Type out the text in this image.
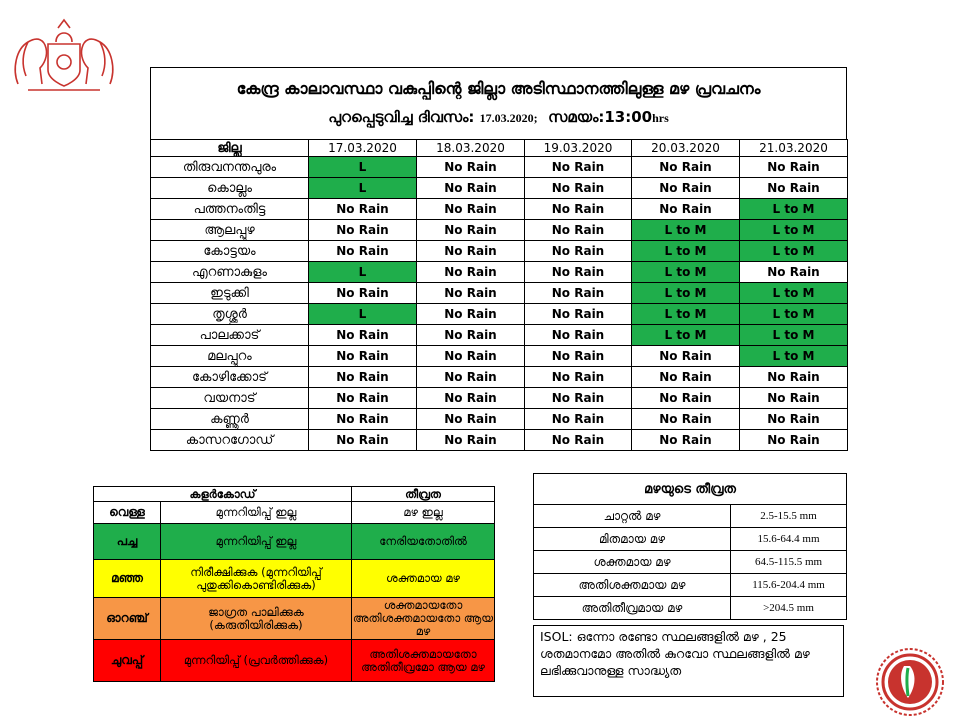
കേന്ദ്ര കാലാവസ്ഥാ വകുപ്പിന്റെ ജില്ലാ അടിസ്ഥാനത്തിലുള്ള മഴ പ്രവചനം
പുറപ്പെടുവിച്ച ദിവസം: 17.03.2020; സമയം:13:00hrs
ജില്ല	17.03.2020	18.03.2020	19.03.2020	20.03.2020	21.03.2020
തിരുവനന്തപുരം	L	No Rain	No Rain	No Rain	No Rain
കൊല്ലം	L	No Rain	No Rain	No Rain	No Rain
പത്തനംതിട്ട	No Rain	No Rain	No Rain	No Rain	L to M
ആലപ്പുഴ	No Rain	No Rain	No Rain	L to M	L to M
കോട്ടയം	No Rain	No Rain	No Rain	L to M	L to M
എറണാകുളം	L	No Rain	No Rain	L to M	No Rain
ഇടുക്കി	No Rain	No Rain	No Rain	L to M	L to M
തൃശ്ശൂർ	L	No Rain	No Rain	L to M	L to M
പാലക്കാട്	No Rain	No Rain	No Rain	L to M	L to M
മലപ്പുറം	No Rain	No Rain	No Rain	No Rain	L to M
കോഴിക്കോട്	No Rain	No Rain	No Rain	No Rain	No Rain
വയനാട്	No Rain	No Rain	No Rain	No Rain	No Rain
കണ്ണൂർ	No Rain	No Rain	No Rain	No Rain	No Rain
കാസറഗോഡ്	No Rain	No Rain	No Rain	No Rain	No Rain
കളർകോഡ്		തീവ്രത
വെള്ള	മുന്നറിയിപ്പ് ഇല്ല	മഴ ഇല്ല
പച്ച	മുന്നറിയിപ്പ് ഇല്ല	നേരിയതോതിൽ
മഞ്ഞ	നിരീക്ഷിക്കുക (മുന്നറിയിപ്പ് പുതുക്കികൊണ്ടിരിക്കുക)	ശക്തമായ മഴ
ഓറഞ്ച്	ജാഗ്രത പാലിക്കുക (കരുതിയിരിക്കുക)	ശക്തമായതോ അതിശക്തമായതോ ആയ മഴ
ചുവപ്പ്	മുന്നറിയിപ്പ് (പ്രവർത്തിക്കുക)	അതിശക്തമായതോ അതിതീവ്രമോ ആയ മഴ
മഴയുടെ തീവ്രത	
ചാറ്റൽ മഴ	2.5-15.5 mm
മിതമായ മഴ	15.6-64.4 mm
ശക്തമായ മഴ	64.5-115.5 mm
അതിശക്തമായ മഴ	115.6-204.4 mm
അതിതീവ്രമായ മഴ	>204.5 mm
ISOL: ഒന്നോ രണ്ടോ സ്ഥലങ്ങളിൽ മഴ , 25 ശതമാനമോ അതിൽ കുറവോ സ്ഥലങ്ങളിൽ മഴ ലഭിക്കുവാനുള്ള സാദ്ധ്യത
